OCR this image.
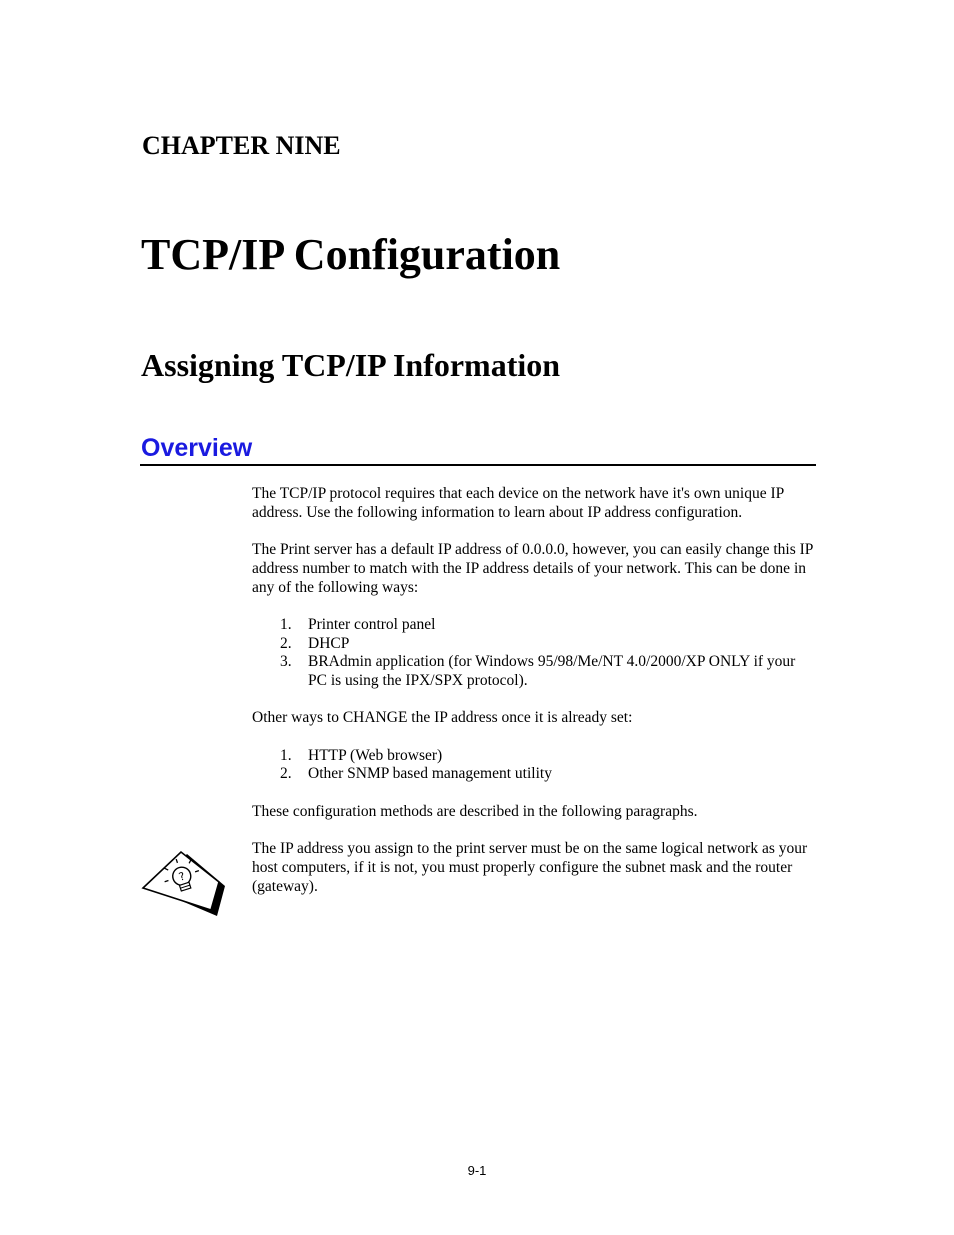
CHAPTER NINE
TCP/IP Configuration
Assigning TCP/IP Information
Overview

The TCP/IP protocol requires that each device on the network have it's own unique IP address. Use the following information to learn about IP address configuration.

The Print server has a default IP address of 0.0.0.0, however, you can easily change this IP address number to match with the IP address details of your network. This can be done in any of the following ways:

Printer control panel
DHCP
BRAdmin application (for Windows 95/98/Me/NT 4.0/2000/XP ONLY if your PC is using the IPX/SPX protocol).

Other ways to CHANGE the IP address once it is already set:

HTTP (Web browser)
Other SNMP based management utility

These configuration methods are described in the following paragraphs.

The IP address you assign to the print server must be on the same logical network as your host computers, if it is not, you must properly configure the subnet mask and the router (gateway).

?
9-1
